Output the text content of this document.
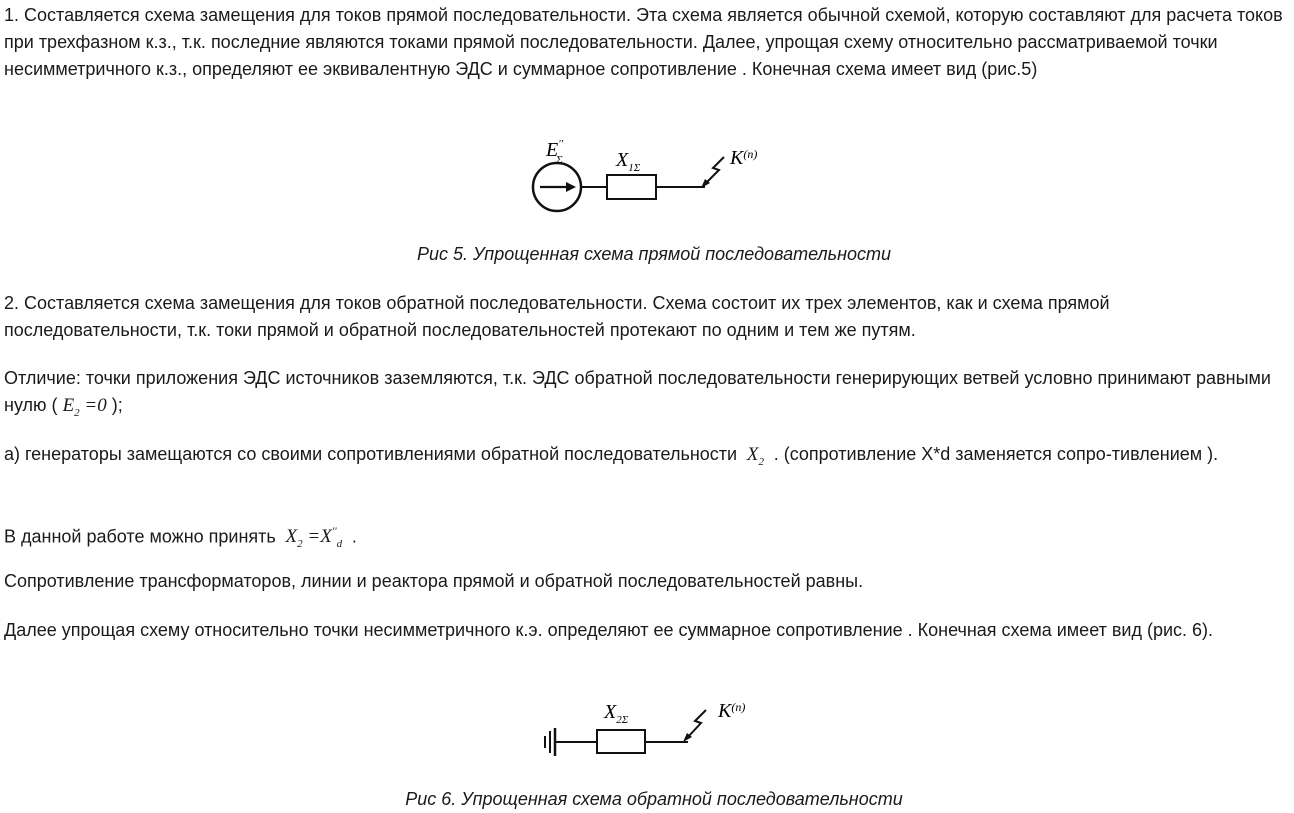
1. Составляется схема замещения для токов прямой последовательности. Эта схема является обычной схемой, которую составляют для расчета токов при трехфазном к.з., т.к. последние являются токами прямой последовательности. Далее, упрощая схему относительно рассматриваемой точки несимметричного к.з., определяют ее эквивалентную ЭДС и суммарное сопротивление . Конечная схема имеет вид (рис.5)

Рис 5. Упрощенная схема прямой последовательности

2. Составляется схема замещения для токов обратной последовательности. Схема состоит их трех элементов, как и схема прямой последовательности, т.к. токи прямой и обратной последовательностей протекают по одним и тем же путям.

Отличие: точки приложения ЭДС источников заземляются, т.к. ЭДС обратной последовательности генерирующих ветвей условно принимают равными нулю ( $E_2 =0$ );

а) генераторы замещаются со своими сопротивлениями обратной последовательности $X_2$ . (сопротивление X*d заменяется сопро-тивлением ).

В данной работе можно принять $X_2 =X''_d$ .

Сопротивление трансформаторов, линии и реактора прямой и обратной последовательностей равны.

Далее упрощая схему относительно точки несимметричного к.э. определяют ее суммарное сопротивление . Конечная схема имеет вид (рис. 6).

Рис 6. Упрощенная схема обратной последовательности

E'' Σ	$X_{1\Sigma}$	$K^{(n)}$
$X_{2\Sigma}$	$K^{(n)}$
